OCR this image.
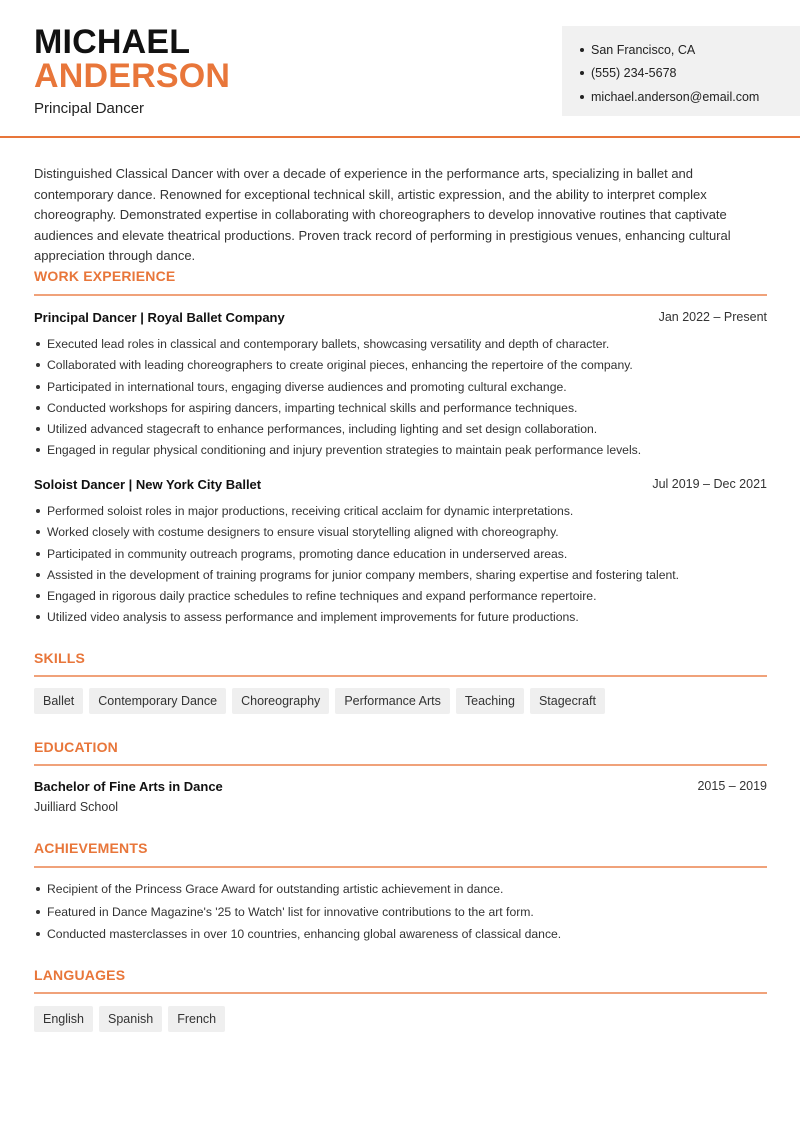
MICHAEL
ANDERSON
Principal Dancer
San Francisco, CA
(555) 234-5678
michael.anderson@email.com
Distinguished Classical Dancer with over a decade of experience in the performance arts, specializing in ballet and contemporary dance. Renowned for exceptional technical skill, artistic expression, and the ability to interpret complex choreography. Demonstrated expertise in collaborating with choreographers to develop innovative routines that captivate audiences and elevate theatrical productions. Proven track record of performing in prestigious venues, enhancing cultural appreciation through dance.
WORK EXPERIENCE
Principal Dancer | Royal Ballet Company	Jan 2022 – Present
Executed lead roles in classical and contemporary ballets, showcasing versatility and depth of character.
Collaborated with leading choreographers to create original pieces, enhancing the repertoire of the company.
Participated in international tours, engaging diverse audiences and promoting cultural exchange.
Conducted workshops for aspiring dancers, imparting technical skills and performance techniques.
Utilized advanced stagecraft to enhance performances, including lighting and set design collaboration.
Engaged in regular physical conditioning and injury prevention strategies to maintain peak performance levels.
Soloist Dancer | New York City Ballet	Jul 2019 – Dec 2021
Performed soloist roles in major productions, receiving critical acclaim for dynamic interpretations.
Worked closely with costume designers to ensure visual storytelling aligned with choreography.
Participated in community outreach programs, promoting dance education in underserved areas.
Assisted in the development of training programs for junior company members, sharing expertise and fostering talent.
Engaged in rigorous daily practice schedules to refine techniques and expand performance repertoire.
Utilized video analysis to assess performance and implement improvements for future productions.
SKILLS
Ballet	Contemporary Dance	Choreography	Performance Arts	Teaching	Stagecraft
EDUCATION
Bachelor of Fine Arts in Dance	2015 – 2019
Juilliard School
ACHIEVEMENTS
Recipient of the Princess Grace Award for outstanding artistic achievement in dance.
Featured in Dance Magazine's '25 to Watch' list for innovative contributions to the art form.
Conducted masterclasses in over 10 countries, enhancing global awareness of classical dance.
LANGUAGES
English	Spanish	French
